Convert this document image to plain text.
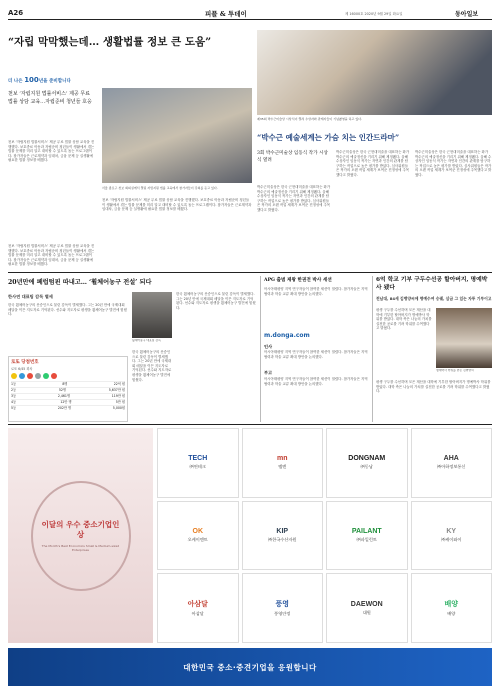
A26	피플 & 투데이	제 16000호 2020년 9월 29일 화요일	동아일보
“자립 막막했는데… 생활법률 정보 큰 도움”
더 나은 100년을 준비합니다
천보 ‘자립지원 법률서비스’ 제공 무료 법률 상담 교육…자립준비 청년들 호응
서울 종로구 천보 회의실에서 열린 자립지원 법률 교육에서 참가자들이 강의를 듣고 있다.
천보 ‘자립지원 법률서비스’ 제공 무료 법률 상담 교육을 진행했다. 보호종료 아동과 자립준비 청년들이 생활에서 겪는 법률 문제를 미리 알고 대비할 수 있도록 돕는 프로그램이다. 참가자들은 근로계약과 임대차, 금융 문제 등 실생활에 필요한 법률 정보를 배웠다.
천보 ‘자립지원 법률서비스’ 제공 무료 법률 상담 교육을 진행했다. 보호종료 아동과 자립준비 청년들이 생활에서 겪는 법률 문제를 미리 알고 대비할 수 있도록 돕는 프로그램이다. 참가자들은 근로계약과 임대차, 금융 문제 등 실생활에 필요한 법률 정보를 배웠다.
천보 ‘자립지원 법률서비스’ 제공 무료 법률 상담 교육을 진행했다. 보호종료 아동과 자립준비 청년들이 생활에서 겪는 법률 문제를 미리 알고 대비할 수 있도록 돕는 프로그램이다. 참가자들은 근로계약과 임대차, 금융 문제 등 실생활에 필요한 법률 정보를 배웠다.
제35회 박수근미술상 시상식이 열려 수상자와 관계자들이 기념촬영을 하고 있다.
“박수근 예술세계는 가슴 치는 인간드라마”
3회 박수근미술상 임동식 작가 시상식 열려
박수근미술상은 한국 근현대미술을 대표하는 화가 박수근의 예술정신을 기리기 위해 제정됐다. 올해 수상자인 임동식 작가는 자연과 인간의 관계를 탐구하는 작업으로 높은 평가를 받았다. 심사위원들은 작가의 오랜 작업 세계가 보여준 진정성에 주목했다고 밝혔다.
박수근미술상은 한국 근현대미술을 대표하는 화가 박수근의 예술정신을 기리기 위해 제정됐다. 올해 수상자인 임동식 작가는 자연과 인간의 관계를 탐구하는 작업으로 높은 평가를 받았다. 심사위원들은 작가의 오랜 작업 세계가 보여준 진정성에 주목했다고 밝혔다.
박수근미술상은 한국 근현대미술을 대표하는 화가 박수근의 예술정신을 기리기 위해 제정됐다. 올해 수상자인 임동식 작가는 자연과 인간의 관계를 탐구하는 작업으로 높은 평가를 받았다. 심사위원들은 작가의 오랜 작업 세계가 보여준 진정성에 주목했다고 밝혔다.
20년만에 페럽텀핀 따내고… ‘휠체어농구 전설’ 되다
한사연 대표팀 감독 별세
한국 휠체어농구의 산증인으로 불린 감독이 별세했다. 그는 20년 만에 국제대회 메달을 이끈 지도자로 기억된다. 선수와 지도자로 평생을 휠체어농구 발전에 힘썼다.
휠체어농구 대표팀 감독
한국 휠체어농구의 산증인으로 불린 감독이 별세했다. 그는 20년 만에 국제대회 메달을 이끈 지도자로 기억된다. 선수와 지도자로 평생을 휠체어농구 발전에 힘썼다.
한국 휠체어농구의 산증인으로 불린 감독이 별세했다. 그는 20년 만에 국제대회 메달을 이끈 지도자로 기억된다. 선수와 지도자로 평생을 휠체어농구 발전에 힘썼다.
로또 당첨번호
로또 6/45 회차
1등	8명	22억 원
2등	52명	5,637만 원
3등	2,461명	119만 원
4등	12만 명	5만 원
5등	202만 명	5,000원
APG 출범 제왕 한권전 박사 세션
아시아태평양 지역 연구자들이 참여한 세션이 열렸다. 참가자들은 지역 협력과 학술 교류 확대 방안을 논의했다.
m.donga.com
인사
아시아태평양 지역 연구자들이 참여한 세션이 열렸다. 참가자들은 지역 협력과 학술 교류 확대 방안을 논의했다.
부고
아시아태평양 지역 연구자들이 참여한 세션이 열렸다. 참가자들은 지역 협력과 학술 교류 확대 방안을 논의했다.
6억 학교 기부 구두수선공 할아버지, 명예박사 됐다
전남대, 84세 김병양씨에 명예수여 숭궤, 삼금 그 있는 자투 기부이고
평생 구두를 수선하며 모은 재산을 대학에 기부한 할아버지가 명예박사 학위를 받았다. 대학 측은 나눔의 가치를 실천한 공로를 기려 학위를 수여했다고 밝혔다.
명예박사 학위를 받은 김병양씨
평생 구두를 수선하며 모은 재산을 대학에 기부한 할아버지가 명예박사 학위를 받았다. 대학 측은 나눔의 가치를 실천한 공로를 기려 학위를 수여했다고 밝혔다.
이달의 우수 중소기업인상
The Month’s Best Economics Small & Medium-sized Enterprises
TECH
㈜썬테크
mn
엠엔
DONGNAM
㈜동남
AHA
㈜아하정보통신
OK
오케이엔트
KIP
㈜한국수산자원
PAILANT
㈜파일런트
KY
㈜케이와이
아삼달
아삼달
풍영
풍영안정
DAEWON
대원
배양
배양
대한민국 중소·중견기업을 응원합니다
